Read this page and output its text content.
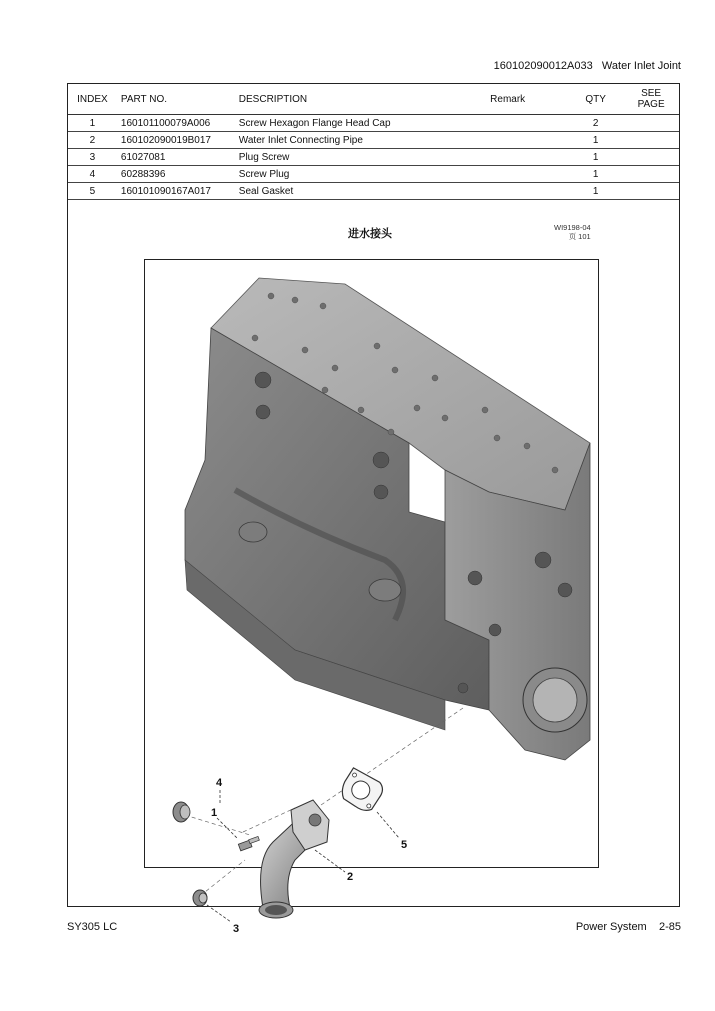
160102090012A033 Water Inlet Joint
INDEX	PART NO.	DESCRIPTION	Remark	QTY	SEE PAGE
1	160101100079A006	Screw Hexagon Flange Head Cap		2	
2	160102090019B017	Water Inlet Connecting Pipe		1	
3	61027081	Plug Screw		1	
4	60288396	Screw Plug		1	
5	160101090167A017	Seal Gasket		1	
进水接头	WI9198-04
页 101
4
1
2
3
5
SY305 LC	Power System 2-85
